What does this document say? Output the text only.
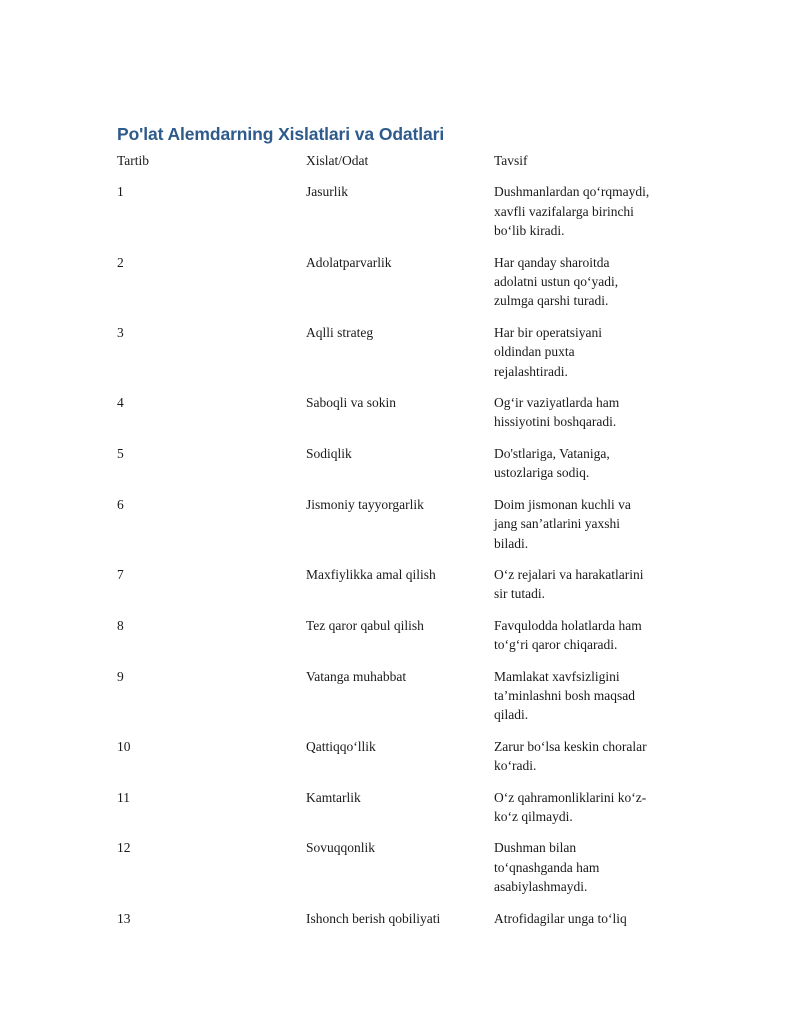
Po'lat Alemdarning Xislatlari va Odatlari
Tartib	Xislat/Odat	Tavsif
1	Jasurlik	Dushmanlardan qo‘rqmaydi,
xavfli vazifalarga birinchi
bo‘lib kiradi.
2	Adolatparvarlik	Har qanday sharoitda
adolatni ustun qo‘yadi,
zulmga qarshi turadi.
3	Aqlli strateg	Har bir operatsiyani
oldindan puxta
rejalashtiradi.
4	Saboqli va sokin	Og‘ir vaziyatlarda ham
hissiyotini boshqaradi.
5	Sodiqlik	Do'stlariga, Vataniga,
ustozlariga sodiq.
6	Jismoniy tayyorgarlik	Doim jismonan kuchli va
jang san’atlarini yaxshi
biladi.
7	Maxfiylikka amal qilish	O‘z rejalari va harakatlarini
sir tutadi.
8	Tez qaror qabul qilish	Favqulodda holatlarda ham
to‘g‘ri qaror chiqaradi.
9	Vatanga muhabbat	Mamlakat xavfsizligini
ta’minlashni bosh maqsad
qiladi.
10	Qattiqqo‘llik	Zarur bo‘lsa keskin choralar
ko‘radi.
11	Kamtarlik	O‘z qahramonliklarini ko‘z-
ko‘z qilmaydi.
12	Sovuqqonlik	Dushman bilan
to‘qnashganda ham
asabiylashmaydi.
13	Ishonch berish qobiliyati	Atrofidagilar unga to‘liq
